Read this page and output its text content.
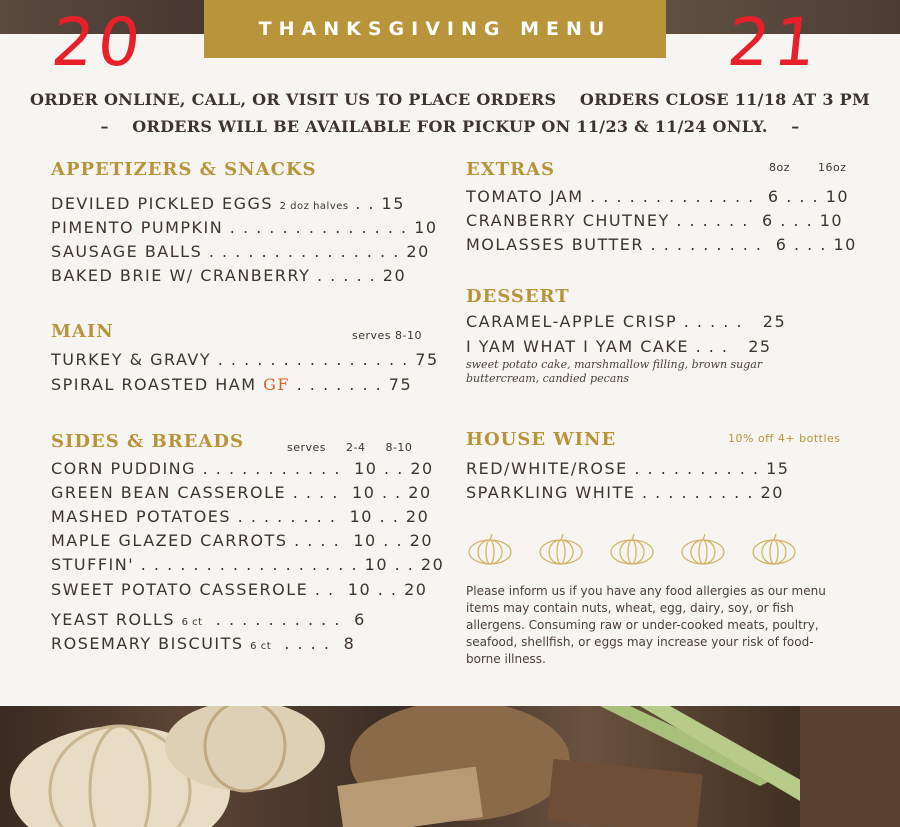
THANKSGIVING MENU
20	21
ORDER ONLINE, CALL, OR VISIT US TO PLACE ORDERS    ORDERS CLOSE 11/18 AT 3 PM
–    ORDERS WILL BE AVAILABLE FOR PICKUP ON 11/23 & 11/24 ONLY.    –
APPETIZERS & SNACKS
DEVILED PICKLED EGGS 2 doz halves . . 15
PIMENTO PUMPKIN . . . . . . . . . . . . . . 10
SAUSAGE BALLS . . . . . . . . . . . . . . . 20
BAKED BRIE W/ CRANBERRY . . . . . 20
MAIN	serves 8-10
TURKEY & GRAVY . . . . . . . . . . . . . . . 75
SPIRAL ROASTED HAM GF . . . . . . . 75
SIDES & BREADS	serves     2-4     8-10
CORN PUDDING . . . . . . . . . . .  10 . . 20
GREEN BEAN CASSEROLE . . . .  10 . . 20
MASHED POTATOES . . . . . . . .  10 . . 20
MAPLE GLAZED CARROTS . . . .  10 . . 20
STUFFIN' . . . . . . . . . . . . . . . . . 10 . . 20
SWEET POTATO CASSEROLE . .  10 . . 20
YEAST ROLLS 6 ct  . . . . . . . . . .  6
ROSEMARY BISCUITS 6 ct  . . . .  8
EXTRAS	8oz       16oz
TOMATO JAM . . . . . . . . . . . . .  6 . . . 10
CRANBERRY CHUTNEY . . . . . .  6 . . . 10
MOLASSES BUTTER . . . . . . . . .  6 . . . 10
DESSERT
CARAMEL-APPLE CRISP . . . . .   25
I YAM WHAT I YAM CAKE . . .   25
sweet potato cake, marshmallow filling, brown sugar buttercream, candied pecans
HOUSE WINE	10% off 4+ bottles
RED/WHITE/ROSE . . . . . . . . . . 15
SPARKLING WHITE . . . . . . . . . 20
Please inform us if you have any food allergies as our menu items may contain nuts, wheat, egg, dairy, soy, or fish allergens. Consuming raw or under-cooked meats, poultry, seafood, shellfish, or eggs may increase your risk of food-borne illness.
